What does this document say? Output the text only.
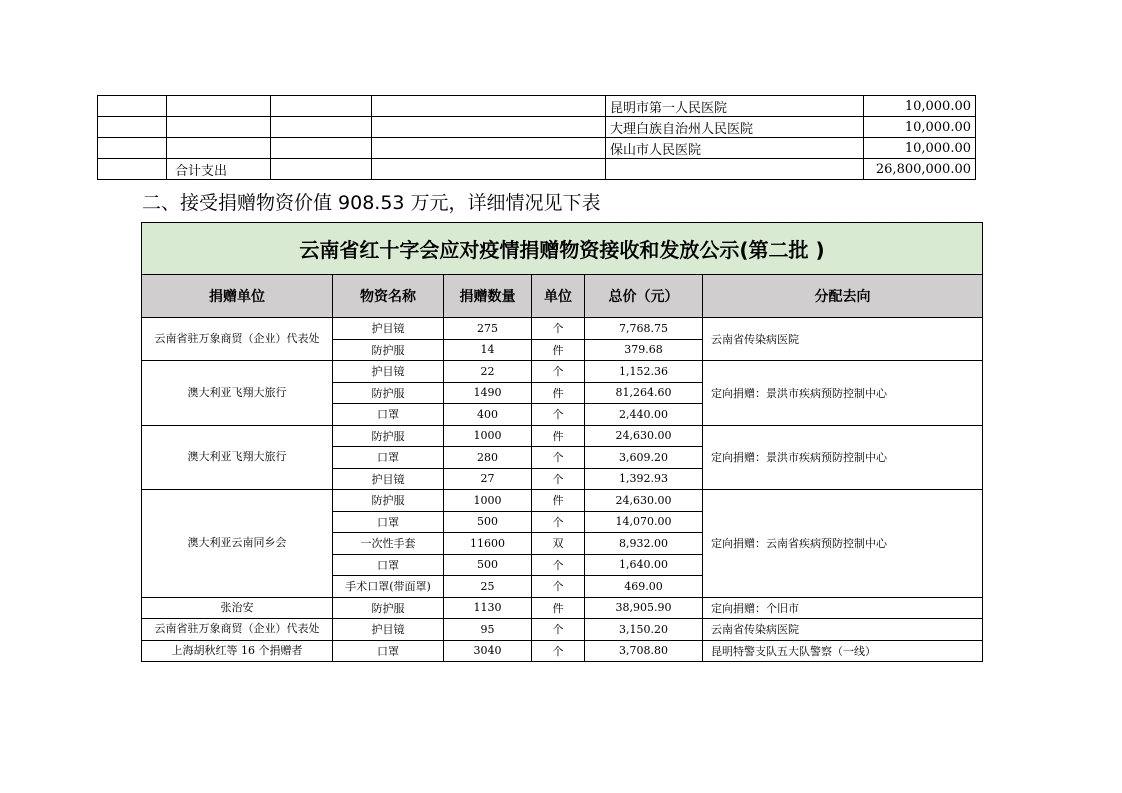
				昆明市第一人民医院	10,000.00
				大理白族自治州人民医院	10,000.00
				保山市人民医院	10,000.00
	合计支出				26,800,000.00
二、接受捐赠物资价值 908.53 万元，详细情况见下表
云南省红十字会应对疫情捐赠物资接收和发放公示(第二批 )					
捐赠单位	物资名称	捐赠数量	单位	总价（元）	分配去向
云南省驻万象商贸（企业）代表处	护目镜	275	个	7,768.75	云南省传染病医院
	防护服	14	件	379.68	
澳大利亚飞翔大旅行	护目镜	22	个	1,152.36	定向捐赠：景洪市疾病预防控制中心
	防护服	1490	件	81,264.60	
	口罩	400	个	2,440.00	
澳大利亚飞翔大旅行	防护服	1000	件	24,630.00	定向捐赠：景洪市疾病预防控制中心
	口罩	280	个	3,609.20	
	护目镜	27	个	1,392.93	
澳大利亚云南同乡会	防护服	1000	件	24,630.00	定向捐赠：云南省疾病预防控制中心
	口罩	500	个	14,070.00	
	一次性手套	11600	双	8,932.00	
	口罩	500	个	1,640.00	
	手术口罩(带面罩)	25	个	469.00	
张治安	防护服	1130	件	38,905.90	定向捐赠：个旧市
云南省驻万象商贸（企业）代表处	护目镜	95	个	3,150.20	云南省传染病医院
上海胡秋红等 16 个捐赠者	口罩	3040	个	3,708.80	昆明特警支队五大队警察（一线）
